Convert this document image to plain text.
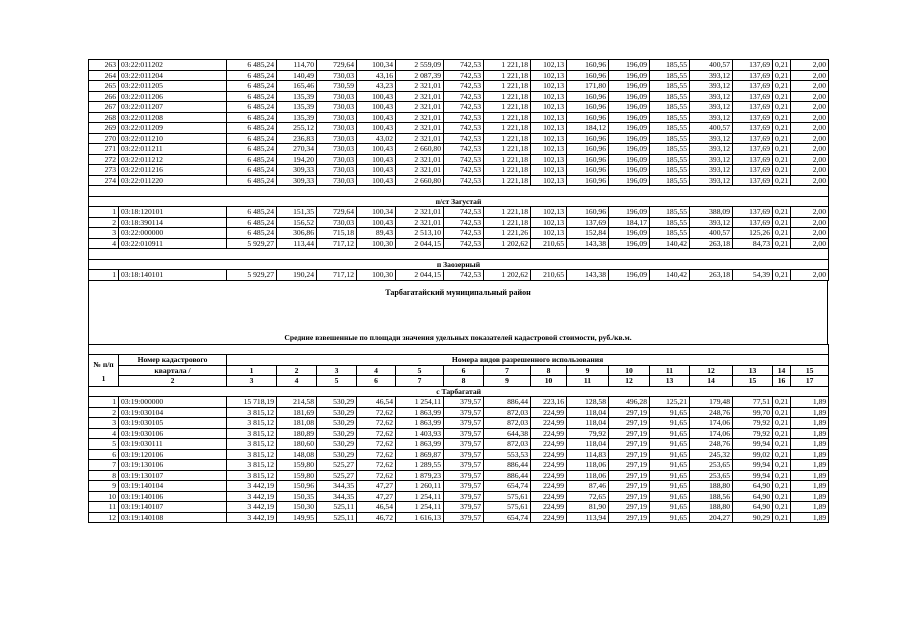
263	03:22:011202	6 485,24	114,70	729,64	100,34	2 559,09	742,53	1 221,18	102,13	160,96	196,09	185,55	400,57	137,69	0,21	2,00
264	03:22:011204	6 485,24	140,49	730,03	43,16	2 087,39	742,53	1 221,18	102,13	160,96	196,09	185,55	393,12	137,69	0,21	2,00
265	03:22:011205	6 485,24	165,46	730,59	43,23	2 321,01	742,53	1 221,18	102,13	171,80	196,09	185,55	393,12	137,69	0,21	2,00
266	03:22:011206	6 485,24	135,39	730,03	100,43	2 321,01	742,53	1 221,18	102,13	160,96	196,09	185,55	393,12	137,69	0,21	2,00
267	03:22:011207	6 485,24	135,39	730,03	100,43	2 321,01	742,53	1 221,18	102,13	160,96	196,09	185,55	393,12	137,69	0,21	2,00
268	03:22:011208	6 485,24	135,39	730,03	100,43	2 321,01	742,53	1 221,18	102,13	160,96	196,09	185,55	393,12	137,69	0,21	2,00
269	03:22:011209	6 485,24	255,12	730,03	100,43	2 321,01	742,53	1 221,18	102,13	184,12	196,09	185,55	400,57	137,69	0,21	2,00
270	03:22:011210	6 485,24	236,83	730,03	43,02	2 321,01	742,53	1 221,18	102,13	160,96	196,09	185,55	393,12	137,69	0,21	2,00
271	03:22:011211	6 485,24	270,34	730,03	100,43	2 660,80	742,53	1 221,18	102,13	160,96	196,09	185,55	393,12	137,69	0,21	2,00
272	03:22:011212	6 485,24	194,20	730,03	100,43	2 321,01	742,53	1 221,18	102,13	160,96	196,09	185,55	393,12	137,69	0,21	2,00
273	03:22:011216	6 485,24	309,33	730,03	100,43	2 321,01	742,53	1 221,18	102,13	160,96	196,09	185,55	393,12	137,69	0,21	2,00
274	03:22:011220	6 485,24	309,33	730,03	100,43	2 660,80	742,53	1 221,18	102,13	160,96	196,09	185,55	393,12	137,69	0,21	2,00

п/ст Загустай																
1	03:18:120101	6 485,24	151,35	729,64	100,34	2 321,01	742,53	1 221,18	102,13	160,96	196,09	185,55	388,09	137,69	0,21	2,00
2	03:18:390114	6 485,24	156,52	730,03	100,43	2 321,01	742,53	1 221,18	102,13	137,69	184,17	185,55	393,12	137,69	0,21	2,00
3	03:22:000000	6 485,24	306,86	715,18	89,43	2 513,10	742,53	1 221,26	102,13	152,84	196,09	185,55	400,57	125,26	0,21	2,00
4	03:22:010911	5 929,27	113,44	717,12	100,30	2 044,15	742,53	1 202,62	210,65	143,38	196,09	140,42	263,18	84,73	0,21	2,00

п Заозерный																
1	03:18:140101	5 929,27	190,24	717,12	100,30	2 044,15	742,53	1 202,62	210,65	143,38	196,09	140,42	263,18	54,39	0,21	2,00
Тарбагатайский муниципальный район
Средние взвешенные по площади значения удельных показателей кадастровой стоимости, руб./кв.м.

№ п/п
1	Номер кадастрового	Номера видов разрешенного использования														
	квартала /	1	2	3	4	5	6	7	8	9	10	11	12	13	14	15
	2	3	4	5	6	7	8	9	10	11	12	13	14	15	16	17
с Тарбагатай																
1	03:19:000000	15 718,19	214,58	530,29	46,54	1 254,11	379,57	886,44	223,16	128,58	496,28	125,21	179,48	77,51	0,21	1,89
2	03:19:030104	3 815,12	181,69	530,29	72,62	1 863,99	379,57	872,03	224,99	118,04	297,19	91,65	248,76	99,70	0,21	1,89
3	03:19:030105	3 815,12	181,08	530,29	72,62	1 863,99	379,57	872,03	224,99	118,04	297,19	91,65	174,06	79,92	0,21	1,89
4	03:19:030106	3 815,12	180,89	530,29	72,62	1 403,93	379,57	644,38	224,99	79,92	297,19	91,65	174,06	79,92	0,21	1,89
5	03:19:030111	3 815,12	180,60	530,29	72,62	1 863,99	379,57	872,03	224,99	118,04	297,19	91,65	248,76	99,94	0,21	1,89
6	03:19:120106	3 815,12	148,08	530,29	72,62	1 869,87	379,57	553,53	224,99	114,83	297,19	91,65	245,32	99,02	0,21	1,89
7	03:19:130106	3 815,12	159,80	525,27	72,62	1 289,55	379,57	886,44	224,99	118,06	297,19	91,65	253,65	99,94	0,21	1,89
8	03:19:130107	3 815,12	159,80	525,27	72,62	1 879,23	379,57	886,44	224,99	118,06	297,19	91,65	253,65	99,94	0,21	1,89
9	03:19:140104	3 442,19	150,96	344,35	47,27	1 260,11	379,57	654,74	224,99	87,46	297,19	91,65	188,80	64,90	0,21	1,89
10	03:19:140106	3 442,19	150,35	344,35	47,27	1 254,11	379,57	575,61	224,99	72,65	297,19	91,65	188,56	64,90	0,21	1,89
11	03:19:140107	3 442,19	150,30	525,11	46,54	1 254,11	379,57	575,61	224,99	81,90	297,19	91,65	188,80	64,90	0,21	1,89
12	03:19:140108	3 442,19	149,95	525,11	46,72	1 616,13	379,57	654,74	224,99	113,94	297,19	91,65	204,27	90,29	0,21	1,89
